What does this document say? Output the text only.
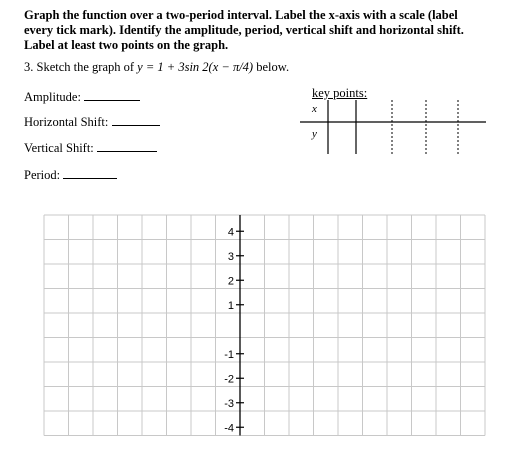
Graph the function over a two-period interval. Label the x-axis with a scale (label

every tick mark). Identify the amplitude, period, vertical shift and horizontal shift.

Label at least two points on the graph.

3. Sketch the graph of y = 1 + 3sin 2(x − π/4) below.
Amplitude:
Horizontal Shift:
Vertical Shift:
Period:
key points:
x
y
4
3
2
1
-1
-2
-3
-4
